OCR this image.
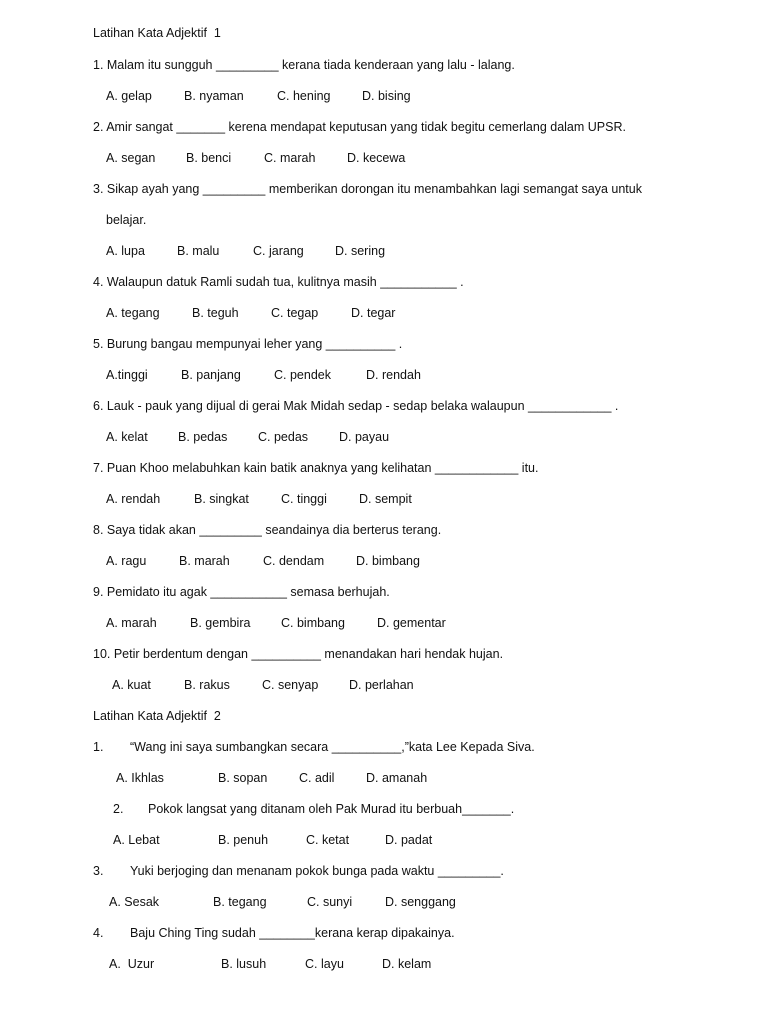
Latihan Kata Adjektif  1
1. Malam itu sungguh _________ kerana tiada kenderaan yang lalu - lalang.
A. gelap	B. nyaman	C. hening	D. bising
2. Amir sangat _______ kerena mendapat keputusan yang tidak begitu cemerlang dalam UPSR.
A. segan B. benci	C. marah	D. kecewa
3. Sikap ayah yang _________ memberikan dorongan itu menambahkan lagi semangat saya untuk
belajar.
A. lupa	B. malu	C. jarang	D. sering
4. Walaupun datuk Ramli sudah tua, kulitnya masih ___________ .
A. tegang	B. teguh	C. tegap	D. tegar
5. Burung bangau mempunyai leher yang __________ .
A.tinggi	B. panjang	C. pendek	D. rendah
6. Lauk - pauk yang dijual di gerai Mak Midah sedap - sedap belaka walaupun ____________ .
A. kelat B. pedas C. pedas D. payau
7. Puan Khoo melabuhkan kain batik anaknya yang kelihatan ____________ itu.
A. rendah	B. singkat	C. tinggi	D. sempit
8. Saya tidak akan _________ seandainya dia berterus terang.
A. ragu	B. marah	C. dendam	D. bimbang
9. Pemidato itu agak ___________ semasa berhujah.
A. marah	B. gembira C. bimbang	D. gementar
10. Petir berdentum dengan __________ menandakan hari hendak hujan.
A. kuat	B. rakus	C. senyap D. perlahan
Latihan Kata Adjektif  2
1. “Wang ini saya sumbangkan secara __________,”kata Lee Kepada Siva.
A. Ikhlas	B. sopan	C. adil	D. amanah
2. Pokok langsat yang ditanam oleh Pak Murad itu berbuah_______.
A. Lebat	B. penuh	C. ketat	D. padat
3. Yuki berjoging dan menanam pokok bunga pada waktu _________.
A. Sesak	B. tegang	C. sunyi	D. senggang
4. Baju Ching Ting sudah ________kerana kerap dipakainya.
A.  Uzur	B. lusuh	C. layu	D. kelam
